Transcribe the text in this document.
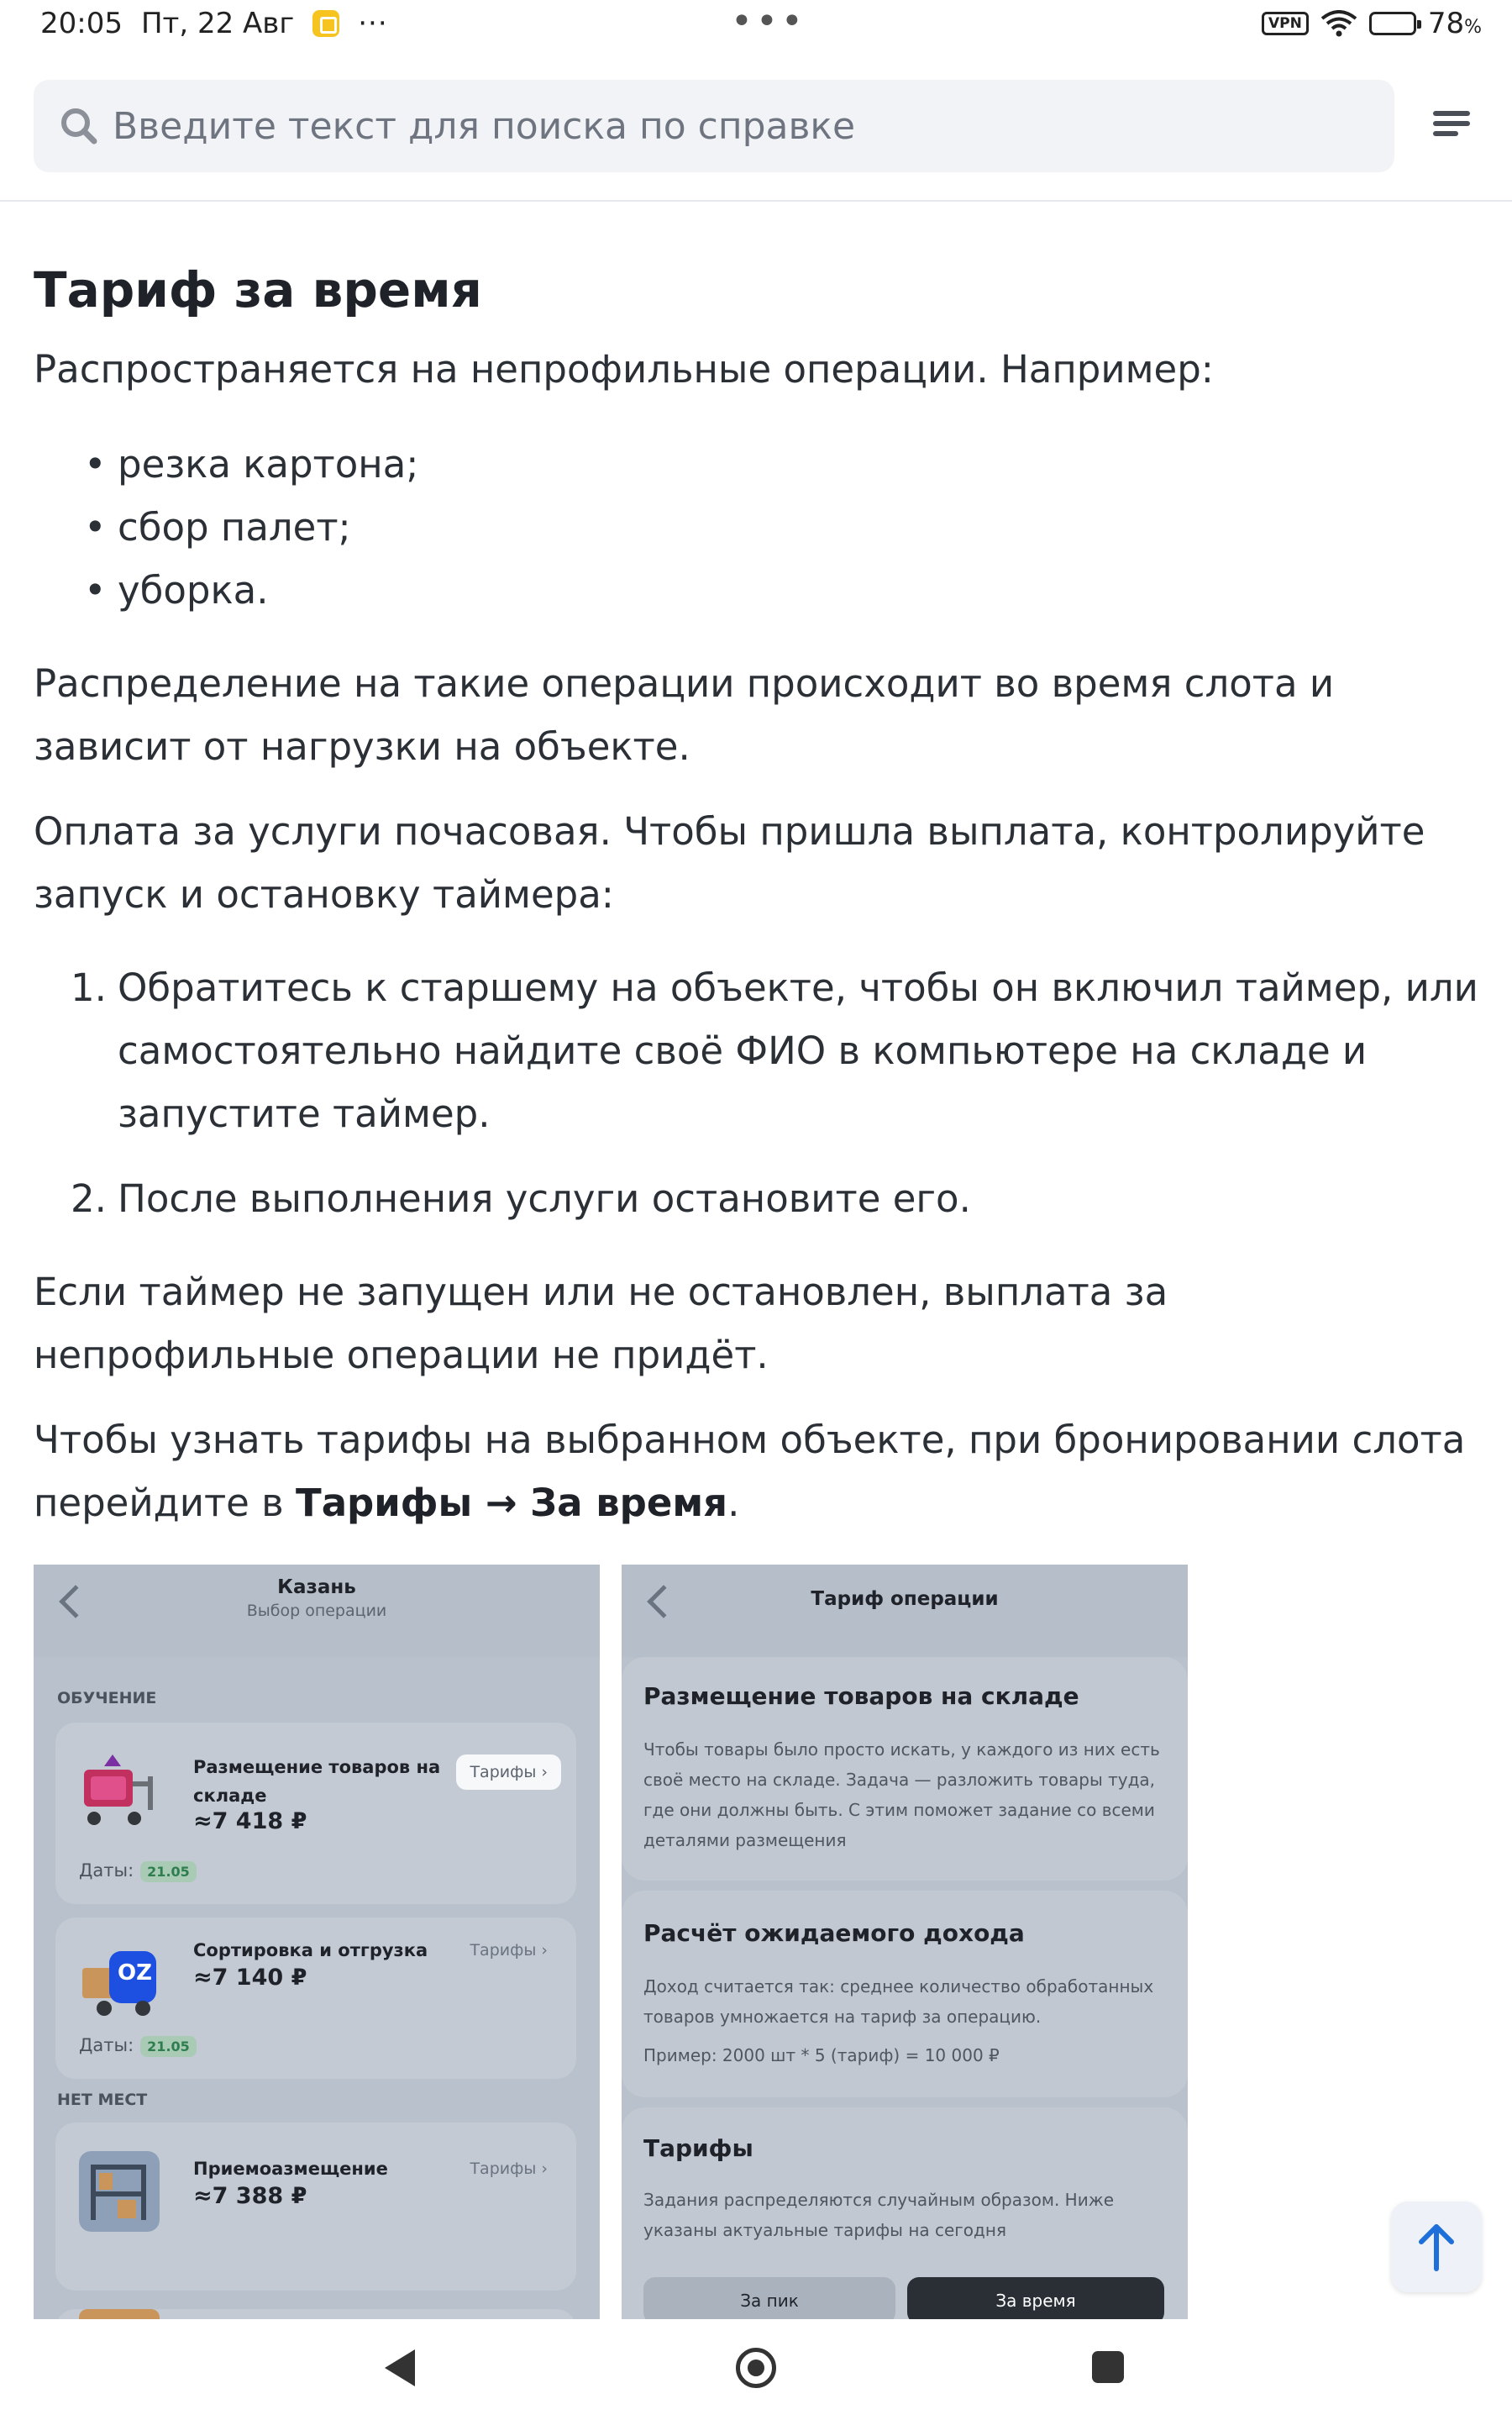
20:05 Пт, 22 Авг ···	•••	VPN	78%
Введите текст для поиска по справке
Тариф за время

Распространяется на непрофильные операции. Например:

• резка картона;
• сбор палет;
• уборка.

Распределение на такие операции происходит во время слота и зависит от нагрузки на объекте.

Оплата за услуги почасовая. Чтобы пришла выплата, контролируйте запуск и остановку таймера:

1. Обратитесь к старшему на объекте, чтобы он включил таймер, или самостоятельно найдите своё ФИО в компьютере на складе и запустите таймер.
2. После выполнения услуги остановите его.

Если таймер не запущен или не остановлен, выплата за непрофильные операции не придёт.

Чтобы узнать тарифы на выбранном объекте, при бронировании слота перейдите в Тарифы → За время.

Казань
Выбор операции
ОБУЧЕНИЕ
Размещение товаров на складе
≈7 418 ₽
Тарифы ›
Даты: 21.05
OZ
Сортировка и отгрузка
≈7 140 ₽
Тарифы ›
Даты: 21.05
НЕТ МЕСТ
Приемоазмещение
≈7 388 ₽
Тарифы ›
Тариф операции
Размещение товаров на складе
Чтобы товары было просто искать, у каждого из них есть своё место на складе. Задача — разложить товары туда, где они должны быть. С этим поможет задание со всеми деталями размещения
Расчёт ожидаемого дохода
Доход считается так: среднее количество обработанных товаров умножается на тариф за операцию.
Пример: 2000 шт * 5 (тариф) = 10 000 ₽
Тарифы
Задания распределяются случайным образом. Ниже указаны актуальные тарифы на сегодня
За пик	За время
